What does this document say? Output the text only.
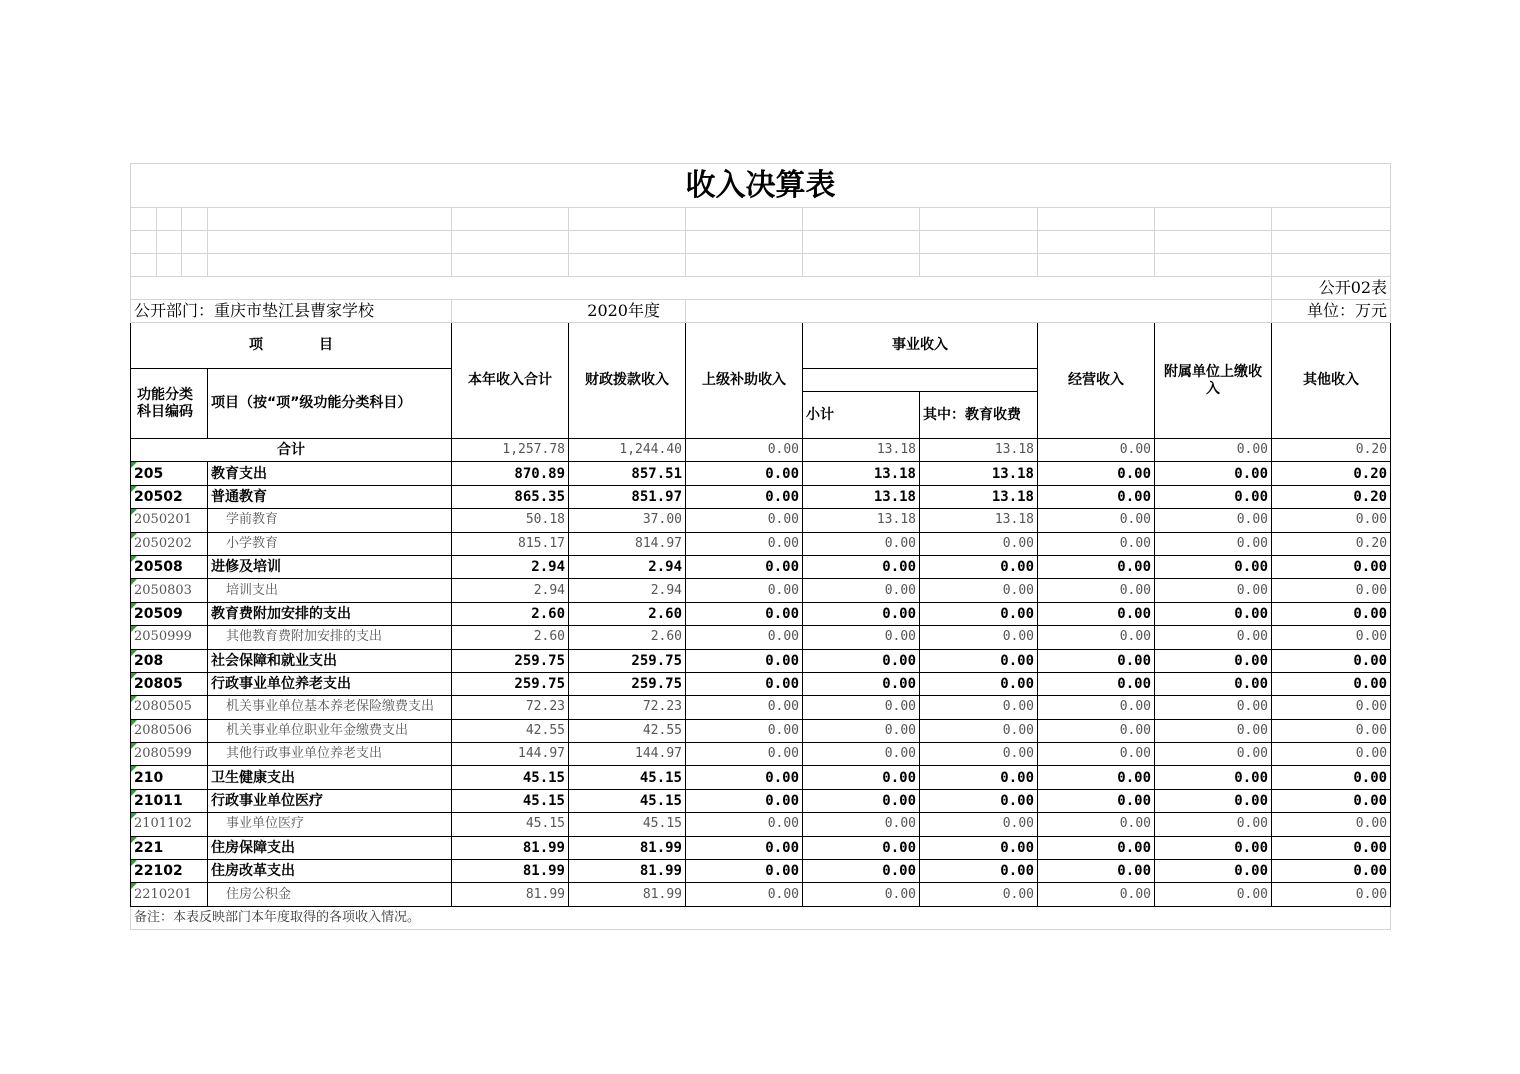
收入决算表											

											公开02表
公开部门：重庆市垫江县曹家学校				2020年度							单位：万元
项　　　　目				本年收入合计	财政拨款收入	上级补助收入	事业收入		经营收入	附属单位上缴收入	其他收入
功能分类科目编码			项目（按“项”级功能分类科目）								
							小计	其中：教育收费			
合计				1,257.78	1,244.40	0.00	13.18	13.18	0.00	0.00	0.20
205			教育支出	870.89	857.51	0.00	13.18	13.18	0.00	0.00	0.20
20502			普通教育	865.35	851.97	0.00	13.18	13.18	0.00	0.00	0.20
2050201			学前教育	50.18	37.00	0.00	13.18	13.18	0.00	0.00	0.00
2050202			小学教育	815.17	814.97	0.00	0.00	0.00	0.00	0.00	0.20
20508			进修及培训	2.94	2.94	0.00	0.00	0.00	0.00	0.00	0.00
2050803			培训支出	2.94	2.94	0.00	0.00	0.00	0.00	0.00	0.00
20509			教育费附加安排的支出	2.60	2.60	0.00	0.00	0.00	0.00	0.00	0.00
2050999			其他教育费附加安排的支出	2.60	2.60	0.00	0.00	0.00	0.00	0.00	0.00
208			社会保障和就业支出	259.75	259.75	0.00	0.00	0.00	0.00	0.00	0.00
20805			行政事业单位养老支出	259.75	259.75	0.00	0.00	0.00	0.00	0.00	0.00
2080505			机关事业单位基本养老保险缴费支出	72.23	72.23	0.00	0.00	0.00	0.00	0.00	0.00
2080506			机关事业单位职业年金缴费支出	42.55	42.55	0.00	0.00	0.00	0.00	0.00	0.00
2080599			其他行政事业单位养老支出	144.97	144.97	0.00	0.00	0.00	0.00	0.00	0.00
210			卫生健康支出	45.15	45.15	0.00	0.00	0.00	0.00	0.00	0.00
21011			行政事业单位医疗	45.15	45.15	0.00	0.00	0.00	0.00	0.00	0.00
2101102			事业单位医疗	45.15	45.15	0.00	0.00	0.00	0.00	0.00	0.00
221			住房保障支出	81.99	81.99	0.00	0.00	0.00	0.00	0.00	0.00
22102			住房改革支出	81.99	81.99	0.00	0.00	0.00	0.00	0.00	0.00
2210201			住房公积金	81.99	81.99	0.00	0.00	0.00	0.00	0.00	0.00
备注：本表反映部门本年度取得的各项收入情况。											
